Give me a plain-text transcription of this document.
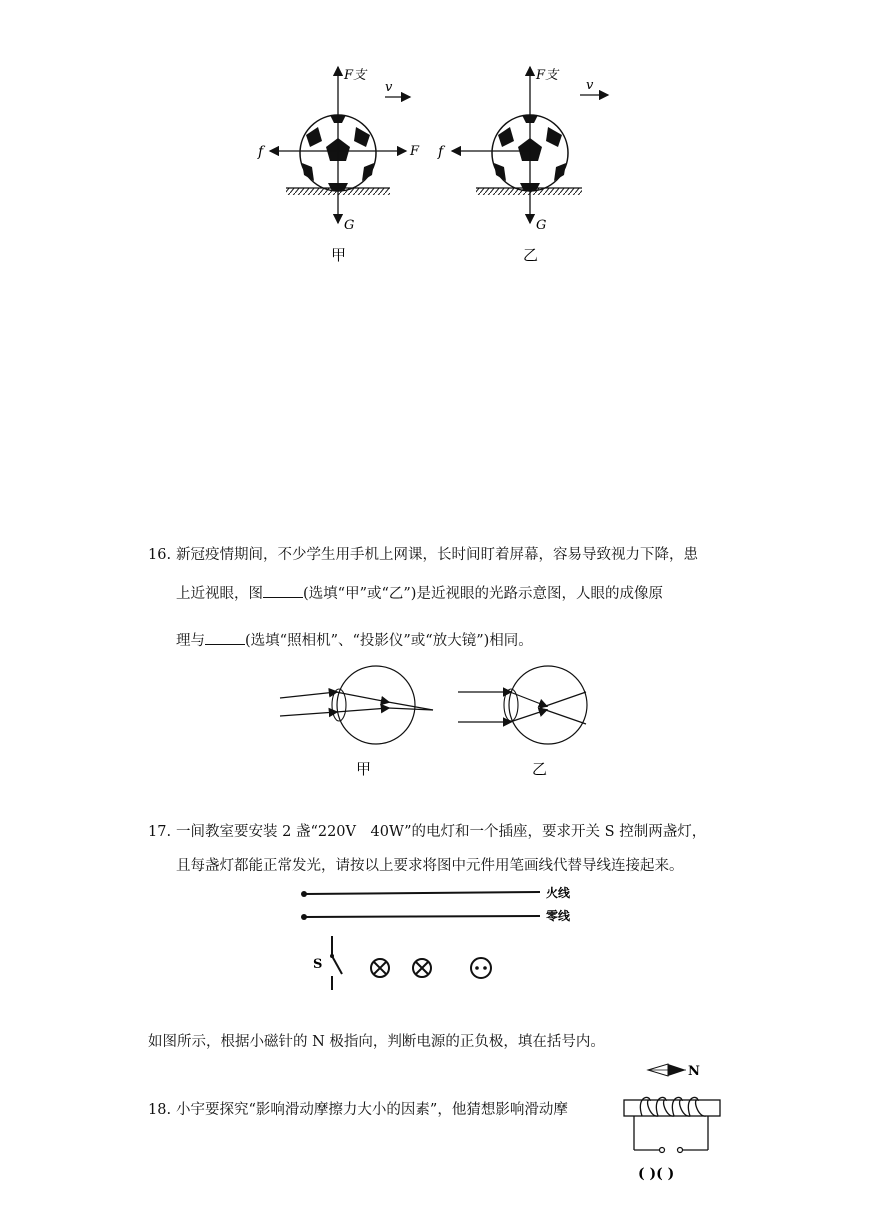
F支
v
f	F
G
甲
F支
v
f
G
乙
16. 新冠疫情期间，不少学生用手机上网课，长时间盯着屏幕，容易导致视力下降，患
上近视眼，图	(选填“甲”或“乙”)是近视眼的光路示意图，人眼的成像原
理与	(选填“照相机”、“投影仪”或“放大镜”)相同。
甲	乙
17. 一间教室要安装 2 盏“220V　40W”的电灯和一个插座，要求开关 S 控制两盏灯，
且每盏灯都能正常发光，请按以上要求将图中元件用笔画线代替导线连接起来。
火线
零线
S
如图所示，根据小磁针的 N 极指向，判断电源的正负极，填在括号内。
N
( )( )
18. 小宇要探究“影响滑动摩擦力大小的因素”，他猜想影响滑动摩
